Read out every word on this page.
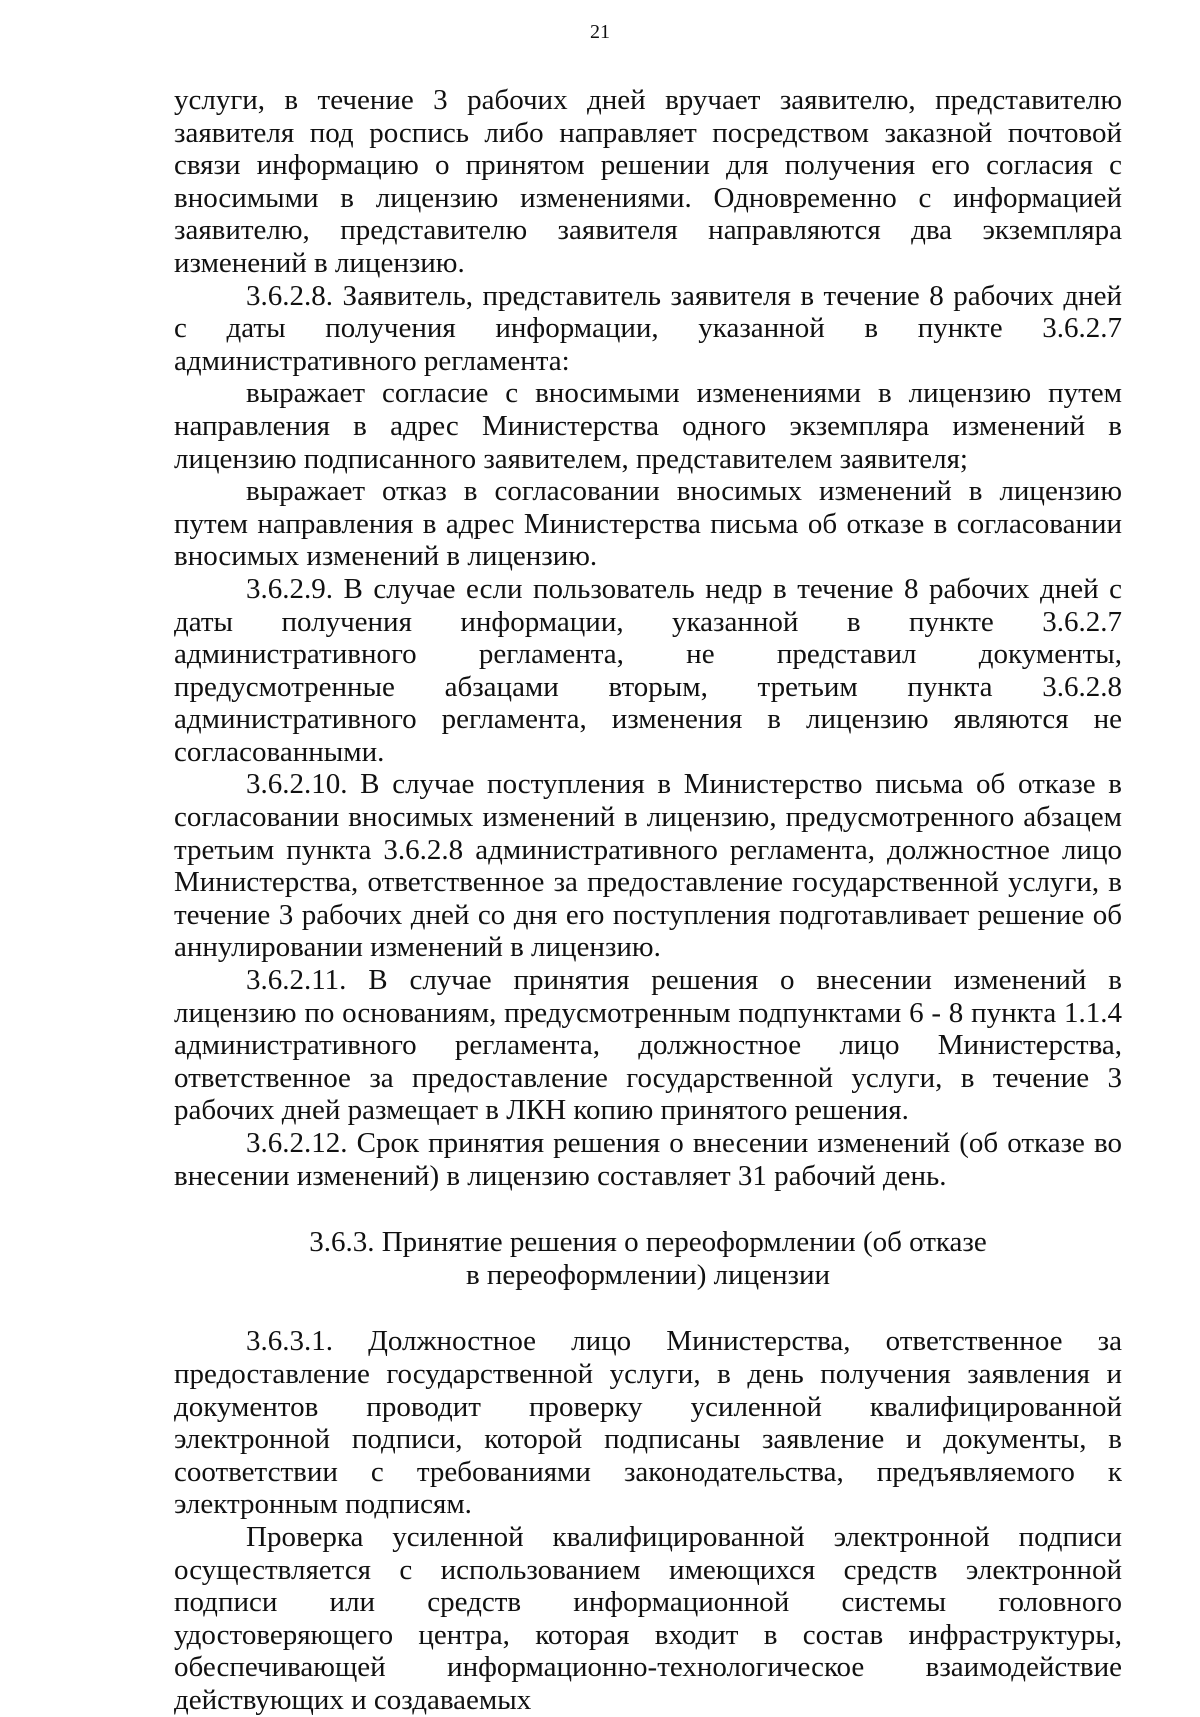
21

услуги, в течение 3 рабочих дней вручает заявителю, представителю заявителя под роспись либо направляет посредством заказной почтовой связи информацию о принятом решении для получения его согласия с вносимыми в лицензию изменениями. Одновременно с информацией заявителю, представителю заявителя направляются два экземпляра изменений в лицензию.

3.6.2.8. Заявитель, представитель заявителя в течение 8 рабочих дней с даты получения информации, указанной в пункте 3.6.2.7 административного регламента:

выражает согласие с вносимыми изменениями в лицензию путем направления в адрес Министерства одного экземпляра изменений в лицензию подписанного заявителем, представителем заявителя;

выражает отказ в согласовании вносимых изменений в лицензию путем направления в адрес Министерства письма об отказе в согласовании вносимых изменений в лицензию.

3.6.2.9. В случае если пользователь недр в течение 8 рабочих дней с даты получения информации, указанной в пункте 3.6.2.7 административного регламента, не представил документы, предусмотренные абзацами вторым, третьим пункта 3.6.2.8 административного регламента, изменения в лицензию являются не согласованными.

3.6.2.10. В случае поступления в Министерство письма об отказе в согласовании вносимых изменений в лицензию, предусмотренного абзацем третьим пункта 3.6.2.8 административного регламента, должностное лицо Министерства, ответственное за предоставление государственной услуги, в течение 3 рабочих дней со дня его поступления подготавливает решение об аннулировании изменений в лицензию.

3.6.2.11. В случае принятия решения о внесении изменений в лицензию по основаниям, предусмотренным подпунктами 6 - 8 пункта 1.1.4 административного регламента, должностное лицо Министерства, ответственное за предоставление государственной услуги, в течение 3 рабочих дней размещает в ЛКН копию принятого решения.

3.6.2.12. Срок принятия решения о внесении изменений (об отказе во внесении изменений) в лицензию составляет 31 рабочий день.

3.6.3. Принятие решения о переоформлении (об отказе
в переоформлении) лицензии

3.6.3.1. Должностное лицо Министерства, ответственное за предоставление государственной услуги, в день получения заявления и документов проводит проверку усиленной квалифицированной электронной подписи, которой подписаны заявление и документы, в соответствии с требованиями законодательства, предъявляемого к электронным подписям.

Проверка усиленной квалифицированной электронной подписи осуществляется с использованием имеющихся средств электронной подписи или средств информационной системы головного удостоверяющего центра, которая входит в состав инфраструктуры, обеспечивающей информационно-технологическое взаимодействие действующих и создаваемых
